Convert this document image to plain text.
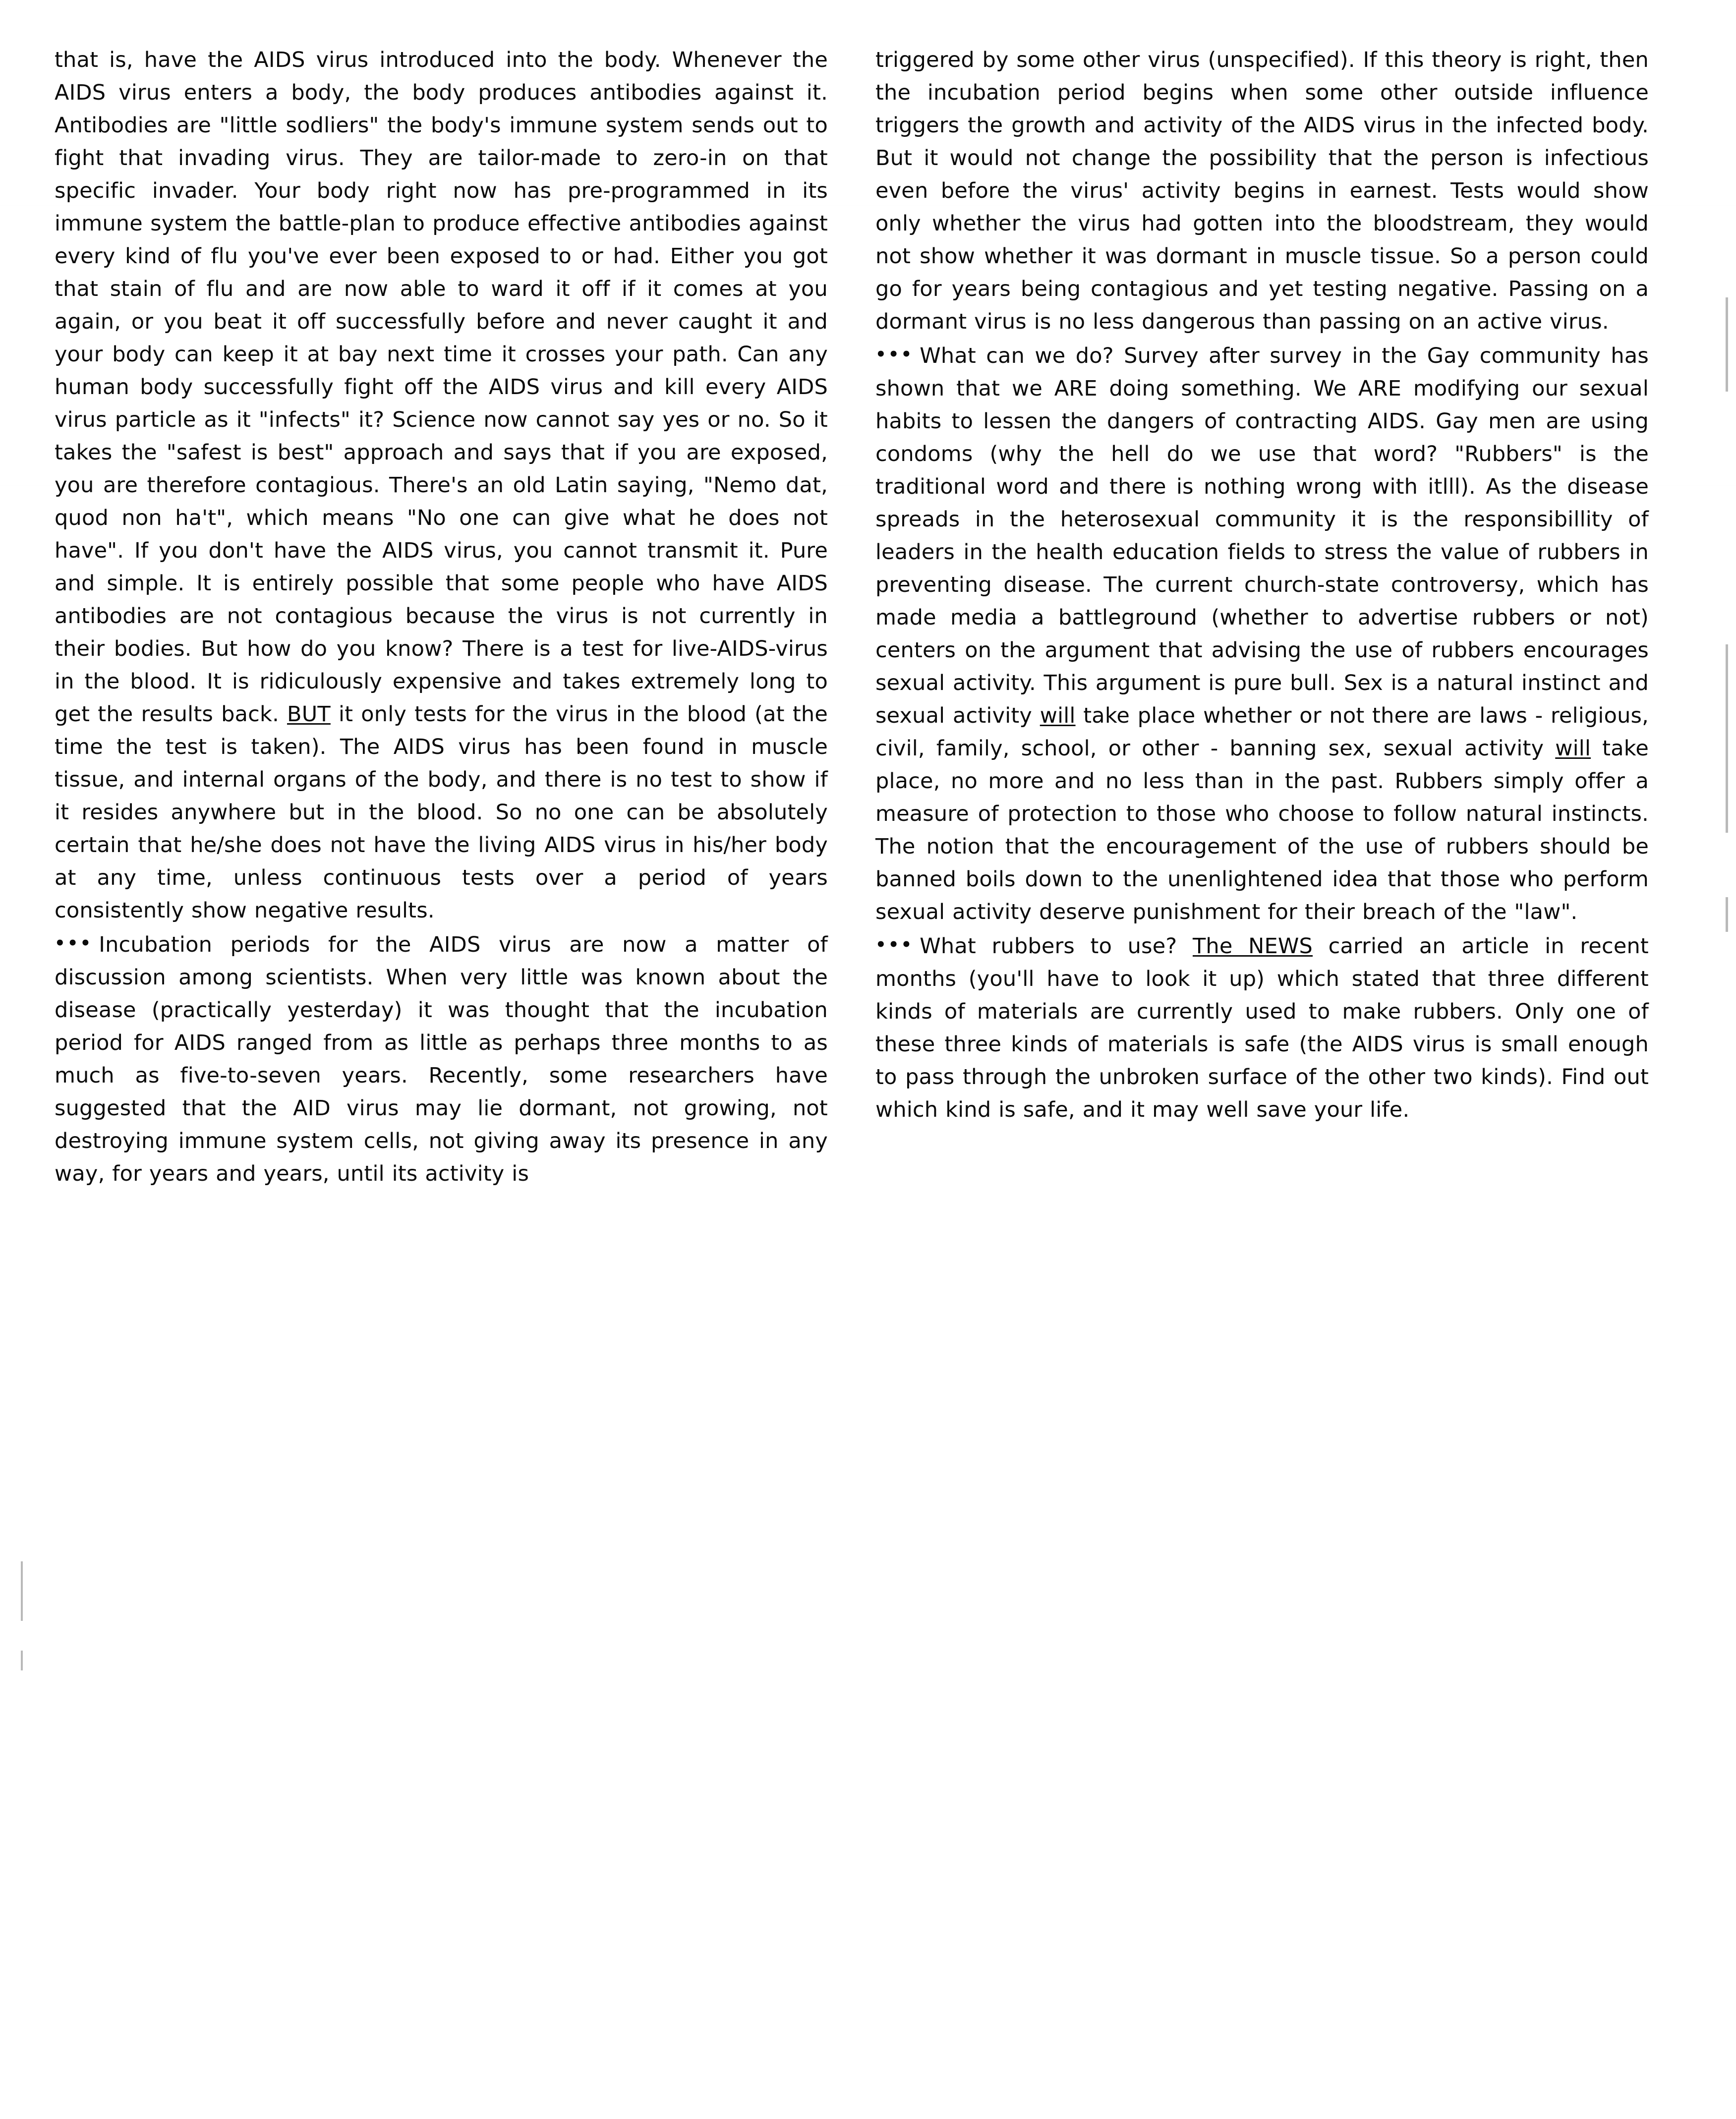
that is, have the AIDS virus introduced into the body. Whenever the AIDS virus enters a body, the body produces antibodies against it. Antibodies are "little sodliers" the body's immune system sends out to fight that invading virus. They are tailor-made to zero-in on that specific invader. Your body right now has pre-programmed in its immune system the battle-plan to produce effective antibodies against every kind of flu you've ever been exposed to or had. Either you got that stain of flu and are now able to ward it off if it comes at you again, or you beat it off successfully before and never caught it and your body can keep it at bay next time it crosses your path. Can any human body successfully fight off the AIDS virus and kill every AIDS virus particle as it "infects" it? Science now cannot say yes or no. So it takes the "safest is best" approach and says that if you are exposed, you are therefore contagious. There's an old Latin saying, "Nemo dat, quod non ha't", which means "No one can give what he does not have". If you don't have the AIDS virus, you cannot transmit it. Pure and simple. It is entirely possible that some people who have AIDS antibodies are not contagious because the virus is not currently in their bodies. But how do you know? There is a test for live-AIDS-virus in the blood. It is ridiculously expensive and takes extremely long to get the results back. BUT it only tests for the virus in the blood (at the time the test is taken). The AIDS virus has been found in muscle tissue, and internal organs of the body, and there is no test to show if it resides anywhere but in the blood. So no one can be absolutely certain that he/she does not have the living AIDS virus in his/her body at any time, unless continuous tests over a period of years consistently show negative results.

••• Incubation periods for the AIDS virus are now a matter of discussion among scientists. When very little was known about the disease (practically yesterday) it was thought that the incubation period for AIDS ranged from as little as perhaps three months to as much as five-to-seven years. Recently, some researchers have suggested that the AID virus may lie dormant, not growing, not destroying immune system cells, not giving away its presence in any way, for years and years, until its activity is

triggered by some other virus (unspecified). If this theory is right, then the incubation period begins when some other outside influence triggers the growth and activity of the AIDS virus in the infected body. But it would not change the possibility that the person is infectious even before the virus' activity begins in earnest. Tests would show only whether the virus had gotten into the bloodstream, they would not show whether it was dormant in muscle tissue. So a person could go for years being contagious and yet testing negative. Passing on a dormant virus is no less dangerous than passing on an active virus.

••• What can we do? Survey after survey in the Gay community has shown that we ARE doing something. We ARE modifying our sexual habits to lessen the dangers of contracting AIDS. Gay men are using condoms (why the hell do we use that word? "Rubbers" is the traditional word and there is nothing wrong with itlll). As the disease spreads in the heterosexual community it is the responsibillity of leaders in the health education fields to stress the value of rubbers in preventing disease. The current church-state controversy, which has made media a battleground (whether to advertise rubbers or not) centers on the argument that advising the use of rubbers encourages sexual activity. This argument is pure bull. Sex is a natural instinct and sexual activity will take place whether or not there are laws - religious, civil, family, school, or other - banning sex, sexual activity will take place, no more and no less than in the past. Rubbers simply offer a measure of protection to those who choose to follow natural instincts. The notion that the encouragement of the use of rubbers should be banned boils down to the unenlightened idea that those who perform sexual activity deserve punishment for their breach of the "law".

••• What rubbers to use? The NEWS carried an article in recent months (you'll have to look it up) which stated that three different kinds of materials are currently used to make rubbers. Only one of these three kinds of materials is safe (the AIDS virus is small enough to pass through the unbroken surface of the other two kinds). Find out which kind is safe, and it may well save your life.
